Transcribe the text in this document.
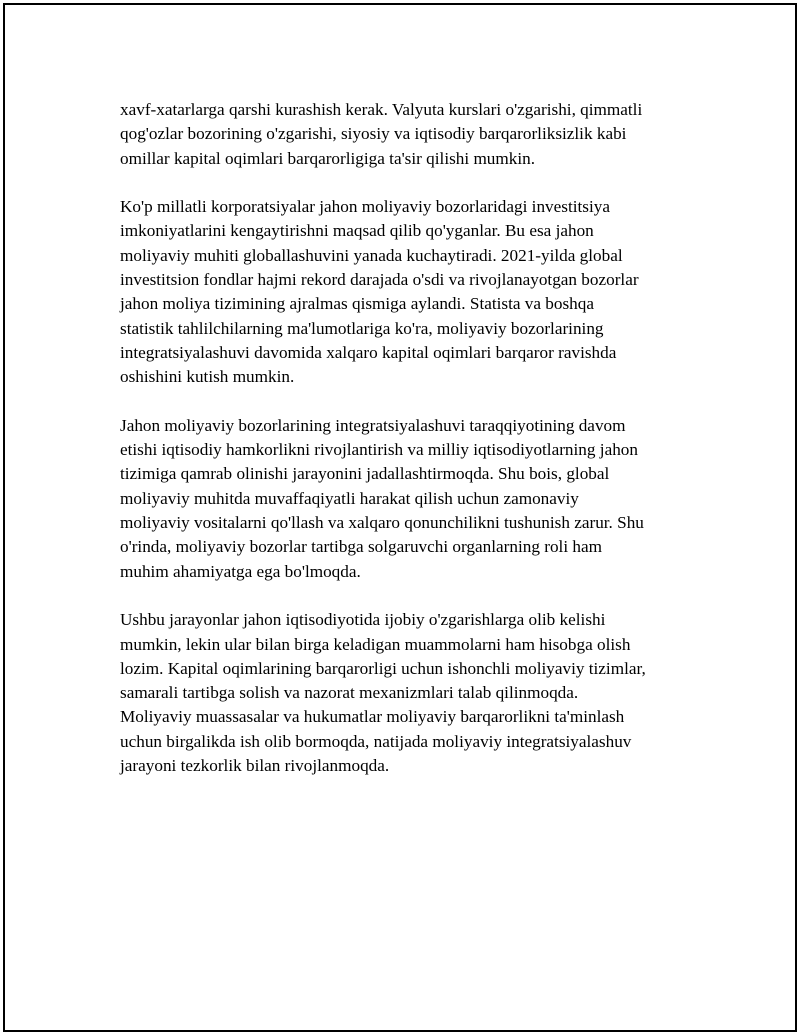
xavf-xatarlarga qarshi kurashish kerak. Valyuta kurslari o'zgarishi, qimmatli
qog'ozlar bozorining o'zgarishi, siyosiy va iqtisodiy barqarorliksizlik kabi
omillar kapital oqimlari barqarorligiga ta'sir qilishi mumkin.

Ko'p millatli korporatsiyalar jahon moliyaviy bozorlaridagi investitsiya
imkoniyatlarini kengaytirishni maqsad qilib qo'yganlar. Bu esa jahon
moliyaviy muhiti globallashuvini yanada kuchaytiradi. 2021-yilda global
investitsion fondlar hajmi rekord darajada o'sdi va rivojlanayotgan bozorlar
jahon moliya tizimining ajralmas qismiga aylandi. Statista va boshqa
statistik tahlilchilarning ma'lumotlariga ko'ra, moliyaviy bozorlarining
integratsiyalashuvi davomida xalqaro kapital oqimlari barqaror ravishda
oshishini kutish mumkin.

Jahon moliyaviy bozorlarining integratsiyalashuvi taraqqiyotining davom
etishi iqtisodiy hamkorlikni rivojlantirish va milliy iqtisodiyotlarning jahon
tizimiga qamrab olinishi jarayonini jadallashtirmoqda. Shu bois, global
moliyaviy muhitda muvaffaqiyatli harakat qilish uchun zamonaviy
moliyaviy vositalarni qo'llash va xalqaro qonunchilikni tushunish zarur. Shu
o'rinda, moliyaviy bozorlar tartibga solgaruvchi organlarning roli ham
muhim ahamiyatga ega bo'lmoqda.

Ushbu jarayonlar jahon iqtisodiyotida ijobiy o'zgarishlarga olib kelishi
mumkin, lekin ular bilan birga keladigan muammolarni ham hisobga olish
lozim. Kapital oqimlarining barqarorligi uchun ishonchli moliyaviy tizimlar,
samarali tartibga solish va nazorat mexanizmlari talab qilinmoqda.
Moliyaviy muassasalar va hukumatlar moliyaviy barqarorlikni ta'minlash
uchun birgalikda ish olib bormoqda, natijada moliyaviy integratsiyalashuv
jarayoni tezkorlik bilan rivojlanmoqda.
